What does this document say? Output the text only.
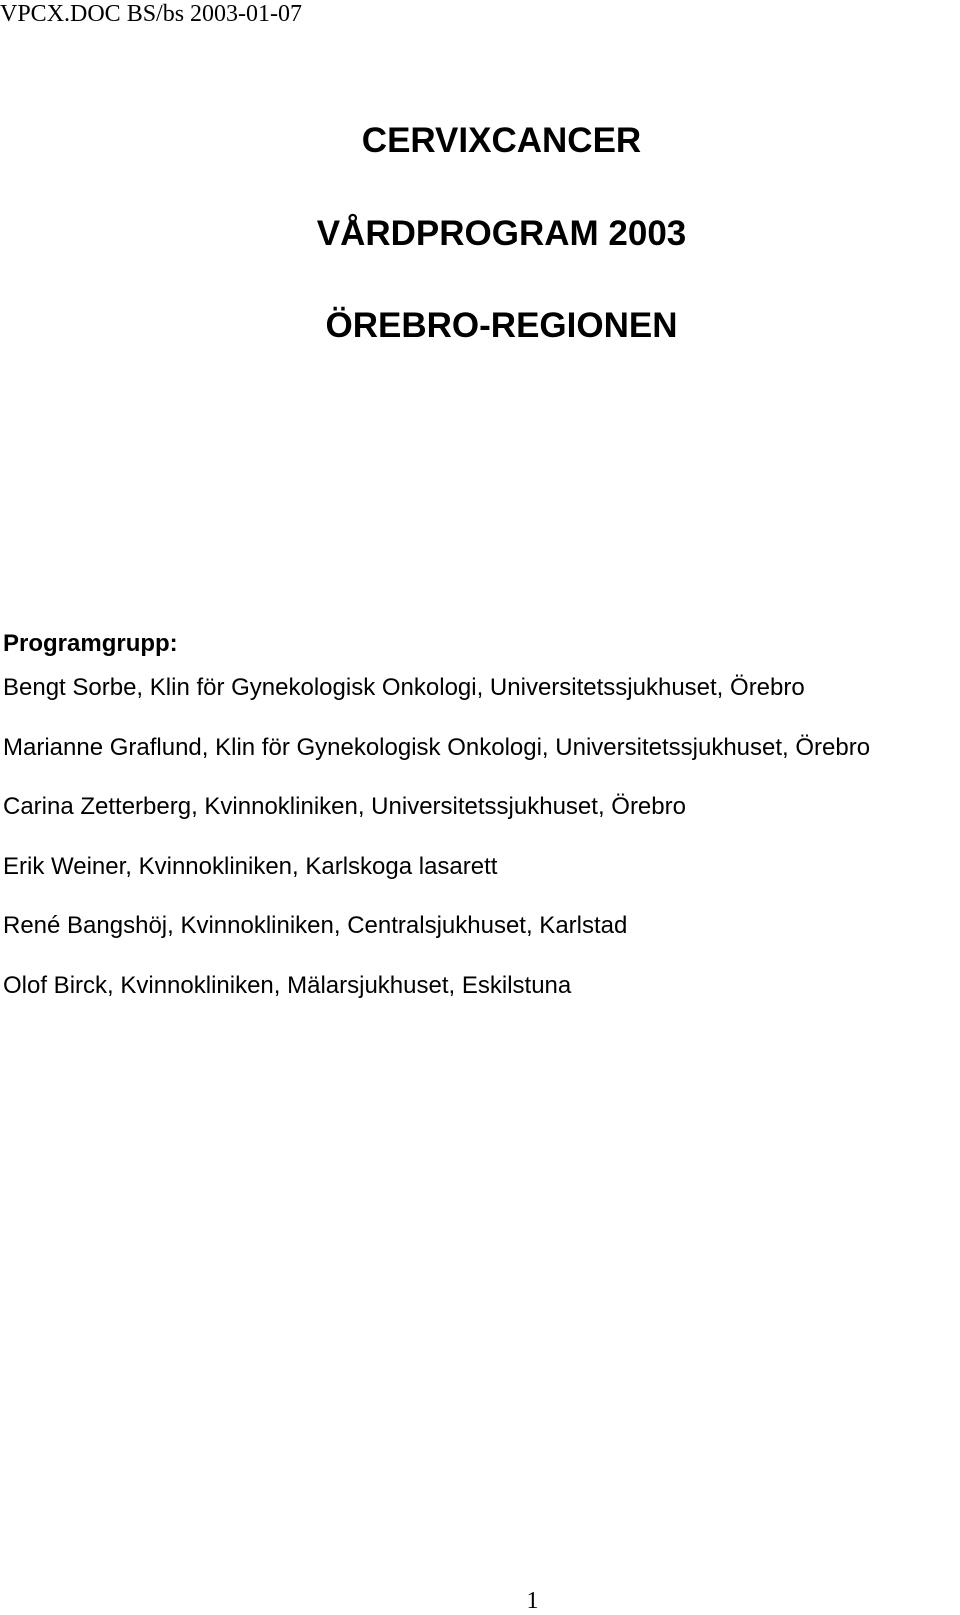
VPCX.DOC BS/bs 2003-01-07
CERVIXCANCER
VÅRDPROGRAM 2003
ÖREBRO-REGIONEN
Programgrupp:
Bengt Sorbe, Klin för Gynekologisk Onkologi, Universitetssjukhuset, Örebro
Marianne Graflund, Klin för Gynekologisk Onkologi, Universitetssjukhuset, Örebro
Carina Zetterberg, Kvinnokliniken, Universitetssjukhuset, Örebro
Erik Weiner, Kvinnokliniken, Karlskoga lasarett
René Bangshöj, Kvinnokliniken, Centralsjukhuset, Karlstad
Olof Birck, Kvinnokliniken, Mälarsjukhuset, Eskilstuna
1
